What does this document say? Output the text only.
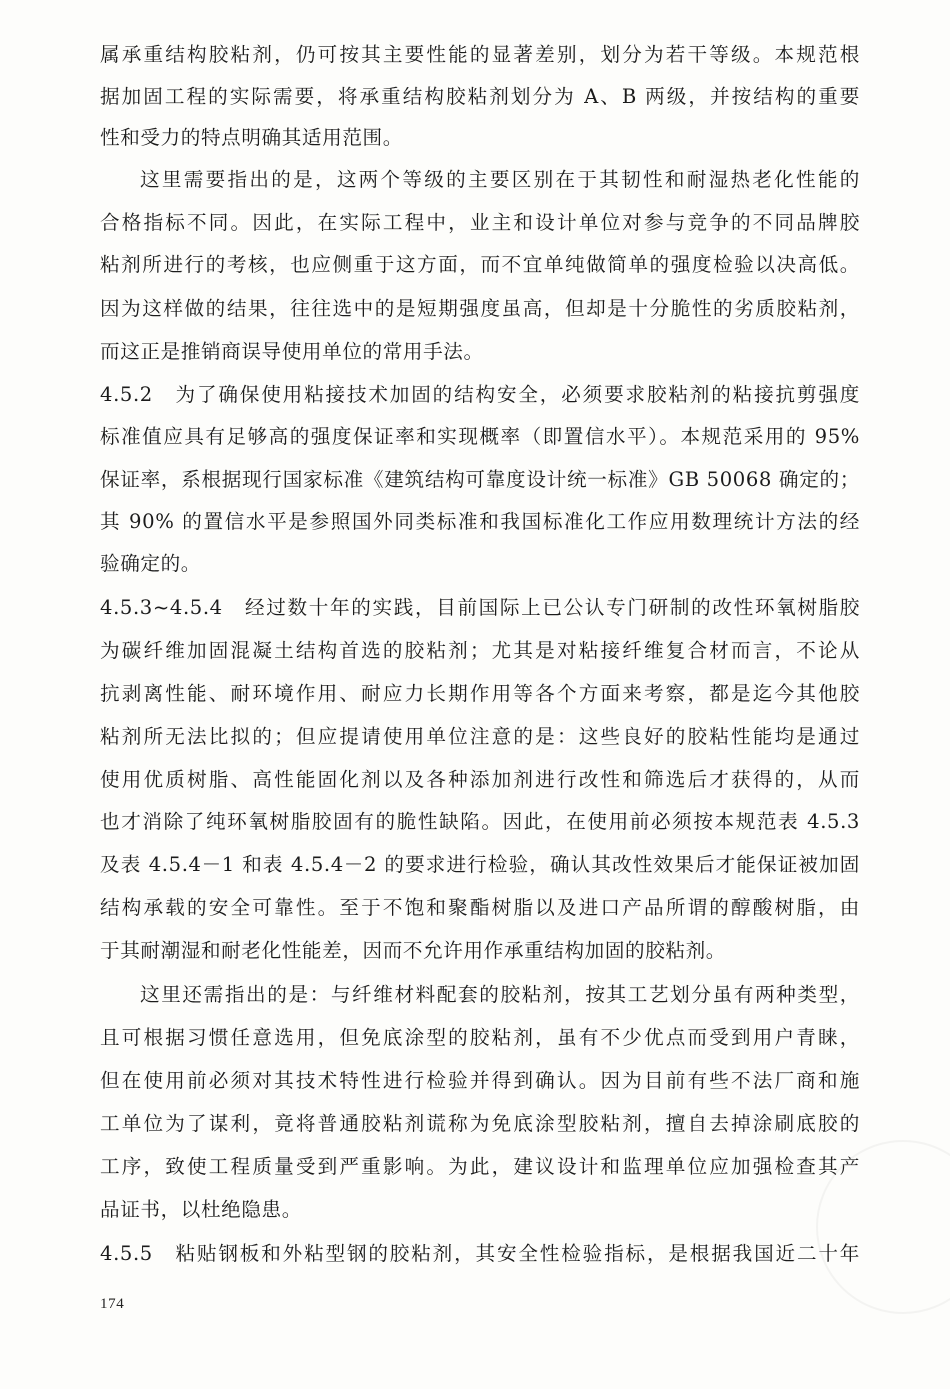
属承重结构胶粘剂，仍可按其主要性能的显著差别，划分为若干等级。本规范根
据加固工程的实际需要，将承重结构胶粘剂划分为 A、B 两级，并按结构的重要
性和受力的特点明确其适用范围。
这里需要指出的是，这两个等级的主要区别在于其韧性和耐湿热老化性能的
合格指标不同。因此，在实际工程中，业主和设计单位对参与竞争的不同品牌胶
粘剂所进行的考核，也应侧重于这方面，而不宜单纯做简单的强度检验以决高低。
因为这样做的结果，往往选中的是短期强度虽高，但却是十分脆性的劣质胶粘剂，
而这正是推销商误导使用单位的常用手法。
4.5.2　为了确保使用粘接技术加固的结构安全，必须要求胶粘剂的粘接抗剪强度
标准值应具有足够高的强度保证率和实现概率（即置信水平）。本规范采用的 95%
保证率，系根据现行国家标准《建筑结构可靠度设计统一标准》GB 50068 确定的；
其 90% 的置信水平是参照国外同类标准和我国标准化工作应用数理统计方法的经
验确定的。
4.5.3~4.5.4　经过数十年的实践，目前国际上已公认专门研制的改性环氧树脂胶
为碳纤维加固混凝土结构首选的胶粘剂；尤其是对粘接纤维复合材而言，不论从
抗剥离性能、耐环境作用、耐应力长期作用等各个方面来考察，都是迄今其他胶
粘剂所无法比拟的；但应提请使用单位注意的是：这些良好的胶粘性能均是通过
使用优质树脂、高性能固化剂以及各种添加剂进行改性和筛选后才获得的，从而
也才消除了纯环氧树脂胶固有的脆性缺陷。因此，在使用前必须按本规范表 4.5.3
及表 4.5.4－1 和表 4.5.4－2 的要求进行检验，确认其改性效果后才能保证被加固
结构承载的安全可靠性。至于不饱和聚酯树脂以及进口产品所谓的醇酸树脂，由
于其耐潮湿和耐老化性能差，因而不允许用作承重结构加固的胶粘剂。
这里还需指出的是：与纤维材料配套的胶粘剂，按其工艺划分虽有两种类型，
且可根据习惯任意选用，但免底涂型的胶粘剂，虽有不少优点而受到用户青睐，
但在使用前必须对其技术特性进行检验并得到确认。因为目前有些不法厂商和施
工单位为了谋利，竟将普通胶粘剂谎称为免底涂型胶粘剂，擅自去掉涂刷底胶的
工序，致使工程质量受到严重影响。为此，建议设计和监理单位应加强检查其产
品证书，以杜绝隐患。
4.5.5　粘贴钢板和外粘型钢的胶粘剂，其安全性检验指标，是根据我国近二十年
174
